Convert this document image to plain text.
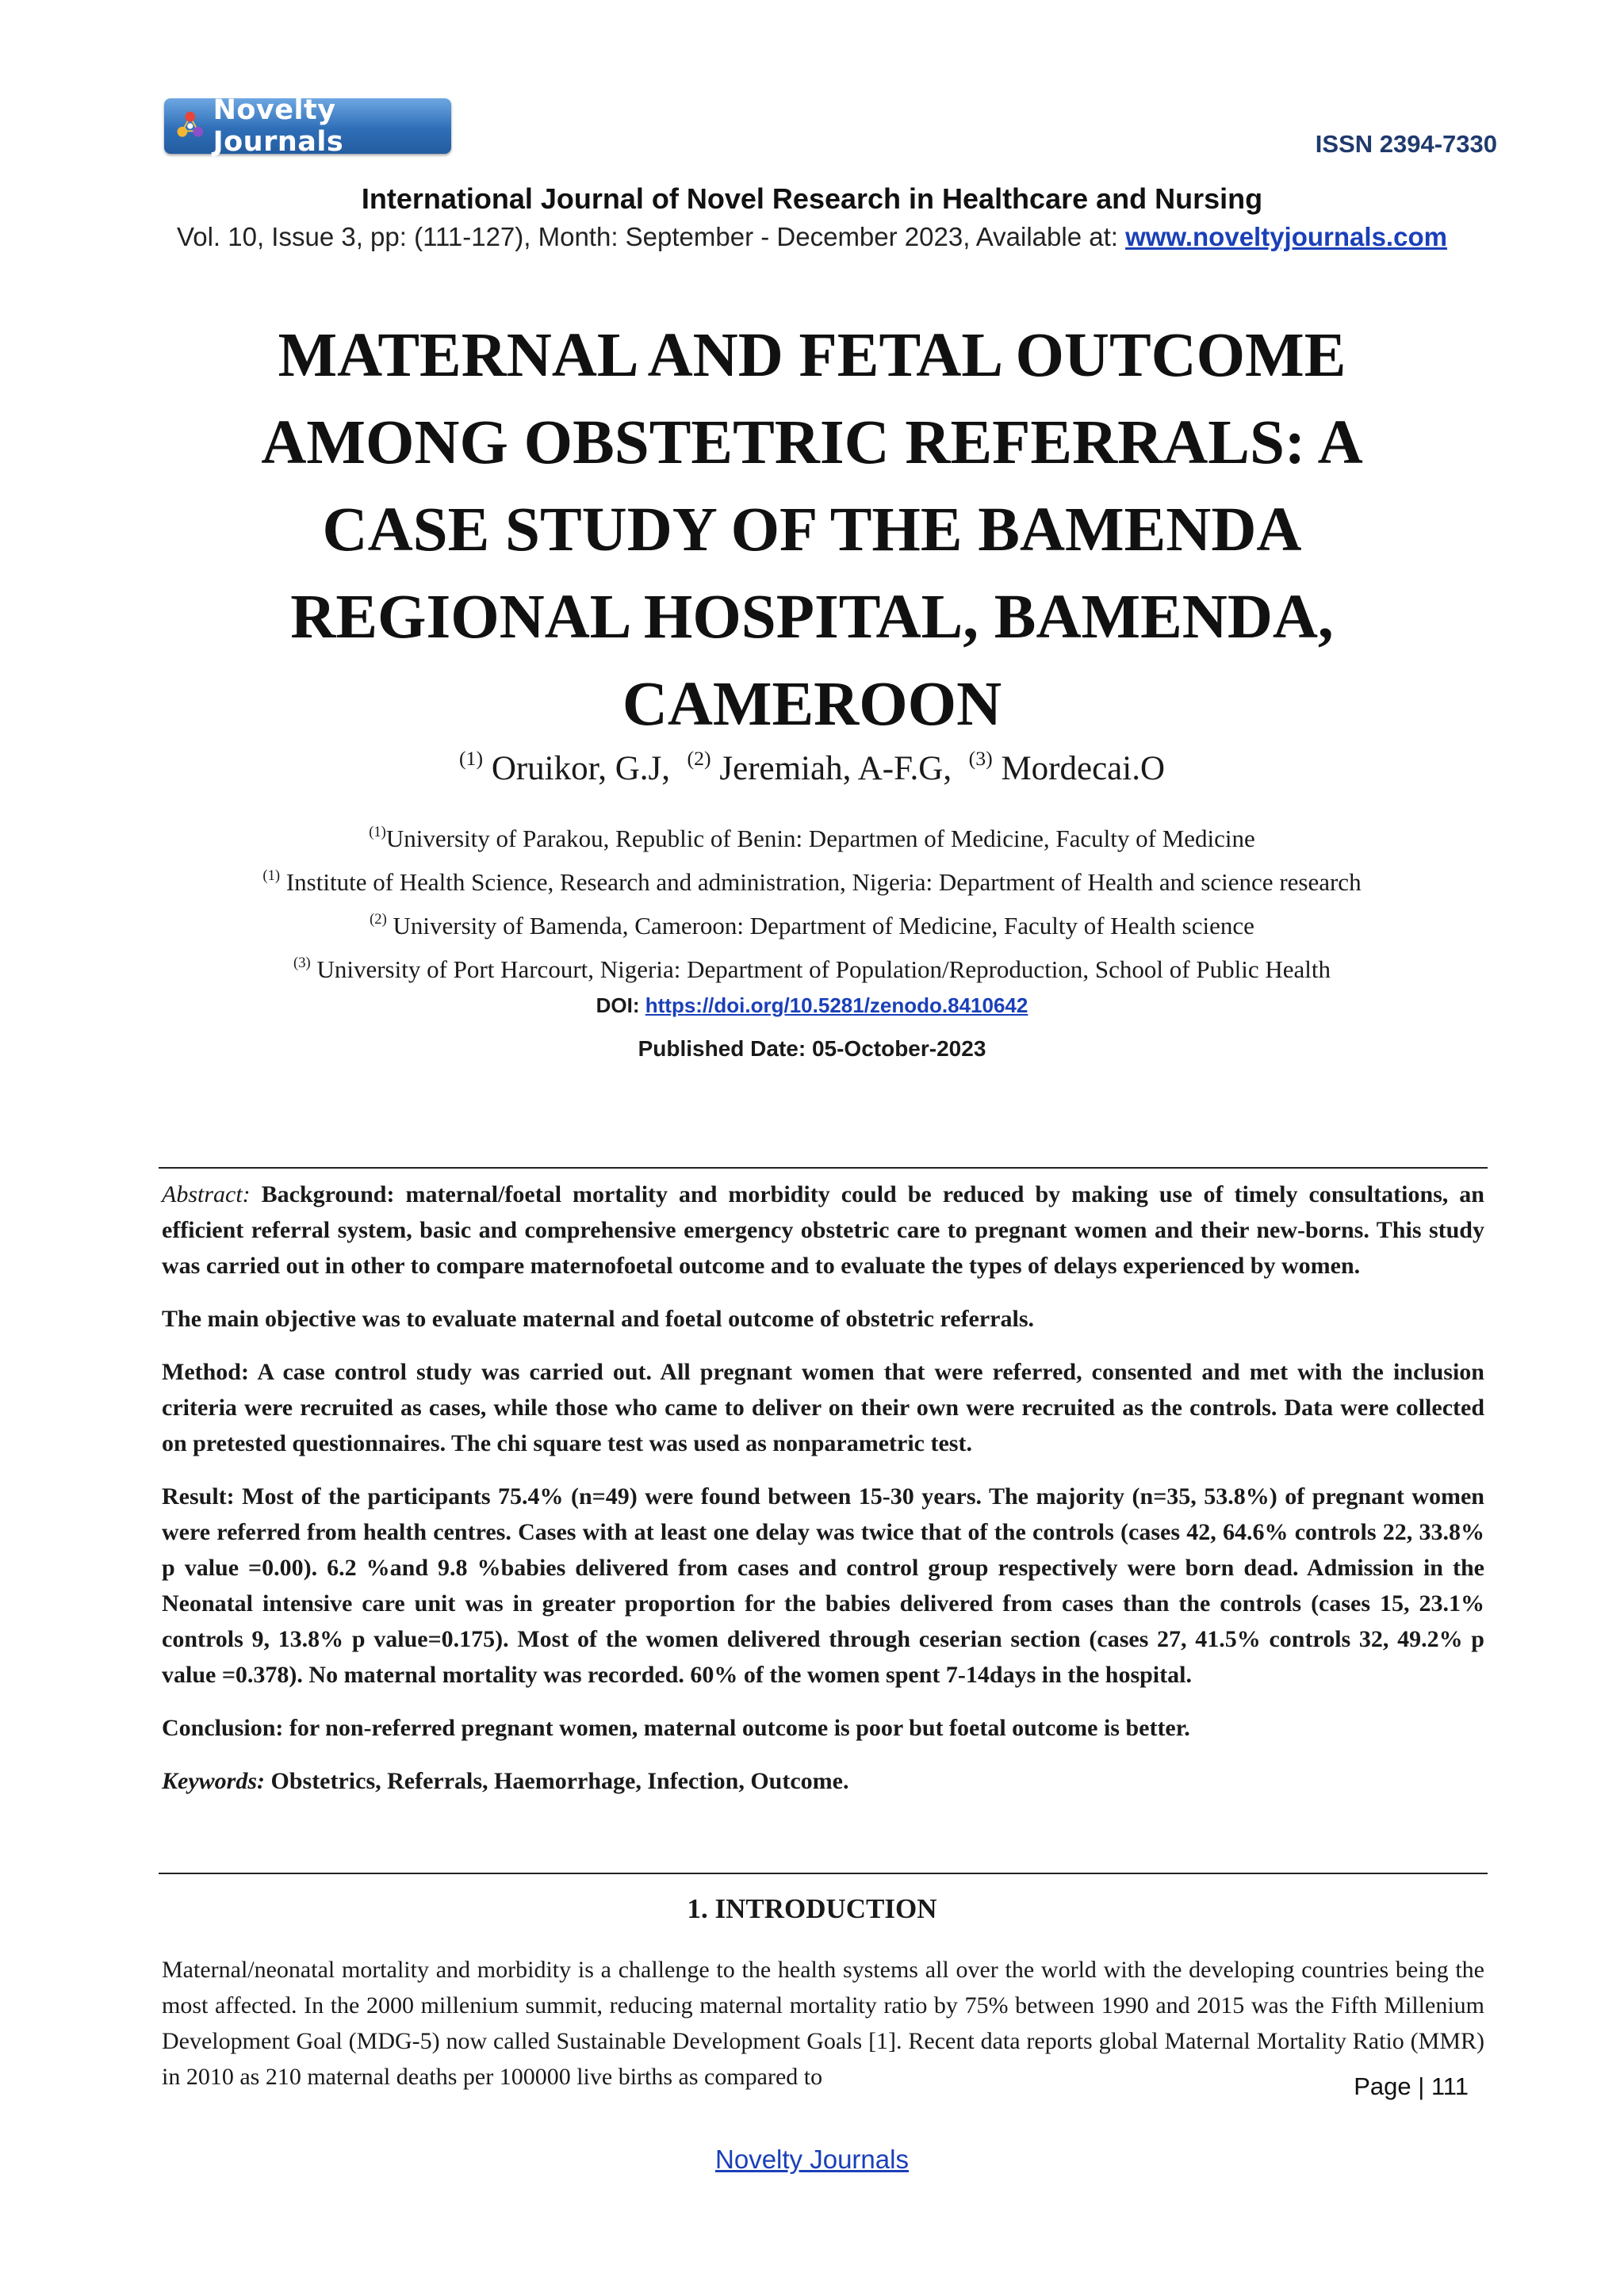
Novelty Journals	ISSN 2394-7330
International Journal of Novel Research in Healthcare and Nursing
Vol. 10, Issue 3, pp: (111-127), Month: September - December 2023, Available at: www.noveltyjournals.com
MATERNAL AND FETAL OUTCOME AMONG OBSTETRIC REFERRALS: A CASE STUDY OF THE BAMENDA REGIONAL HOSPITAL, BAMENDA, CAMEROON
$^{(1)}$ Oruikor, G.J, $^{(2)}$ Jeremiah, A-F.G, $^{(3)}$ Mordecai.O
$^{(1)}$University of Parakou, Republic of Benin: Departmen of Medicine, Faculty of Medicine
$^{(1)}$ Institute of Health Science, Research and administration, Nigeria: Department of Health and science research
$^{(2)}$ University of Bamenda, Cameroon: Department of Medicine, Faculty of Health science
$^{(3)}$ University of Port Harcourt, Nigeria: Department of Population/Reproduction, School of Public Health
DOI: https://doi.org/10.5281/zenodo.8410642
Published Date: 05-October-2023

Abstract: Background: maternal/foetal mortality and morbidity could be reduced by making use of timely consultations, an efficient referral system, basic and comprehensive emergency obstetric care to pregnant women and their new-borns. This study was carried out in other to compare maternofoetal outcome and to evaluate the types of delays experienced by women.

The main objective was to evaluate maternal and foetal outcome of obstetric referrals.

Method: A case control study was carried out. All pregnant women that were referred, consented and met with the inclusion criteria were recruited as cases, while those who came to deliver on their own were recruited as the controls. Data were collected on pretested questionnaires. The chi square test was used as nonparametric test.

Result: Most of the participants 75.4% (n=49) were found between 15-30 years. The majority (n=35, 53.8%) of pregnant women were referred from health centres. Cases with at least one delay was twice that of the controls (cases 42, 64.6% controls 22, 33.8% p value =0.00). 6.2 %and 9.8 %babies delivered from cases and control group respectively were born dead. Admission in the Neonatal intensive care unit was in greater proportion for the babies delivered from cases than the controls (cases 15, 23.1% controls 9, 13.8% p value=0.175). Most of the women delivered through ceserian section (cases 27, 41.5% controls 32, 49.2% p value =0.378). No maternal mortality was recorded. 60% of the women spent 7-14days in the hospital.

Conclusion: for non-referred pregnant women, maternal outcome is poor but foetal outcome is better.

Keywords: Obstetrics, Referrals, Haemorrhage, Infection, Outcome.

1. INTRODUCTION

Maternal/neonatal mortality and morbidity is a challenge to the health systems all over the world with the developing countries being the most affected. In the 2000 millenium summit, reducing maternal mortality ratio by 75% between 1990 and 2015 was the Fifth Millenium Development Goal (MDG-5) now called Sustainable Development Goals [1]. Recent data reports global Maternal Mortality Ratio (MMR) in 2010 as 210 maternal deaths per 100000 live births as compared to	Page | 111
Novelty Journals
